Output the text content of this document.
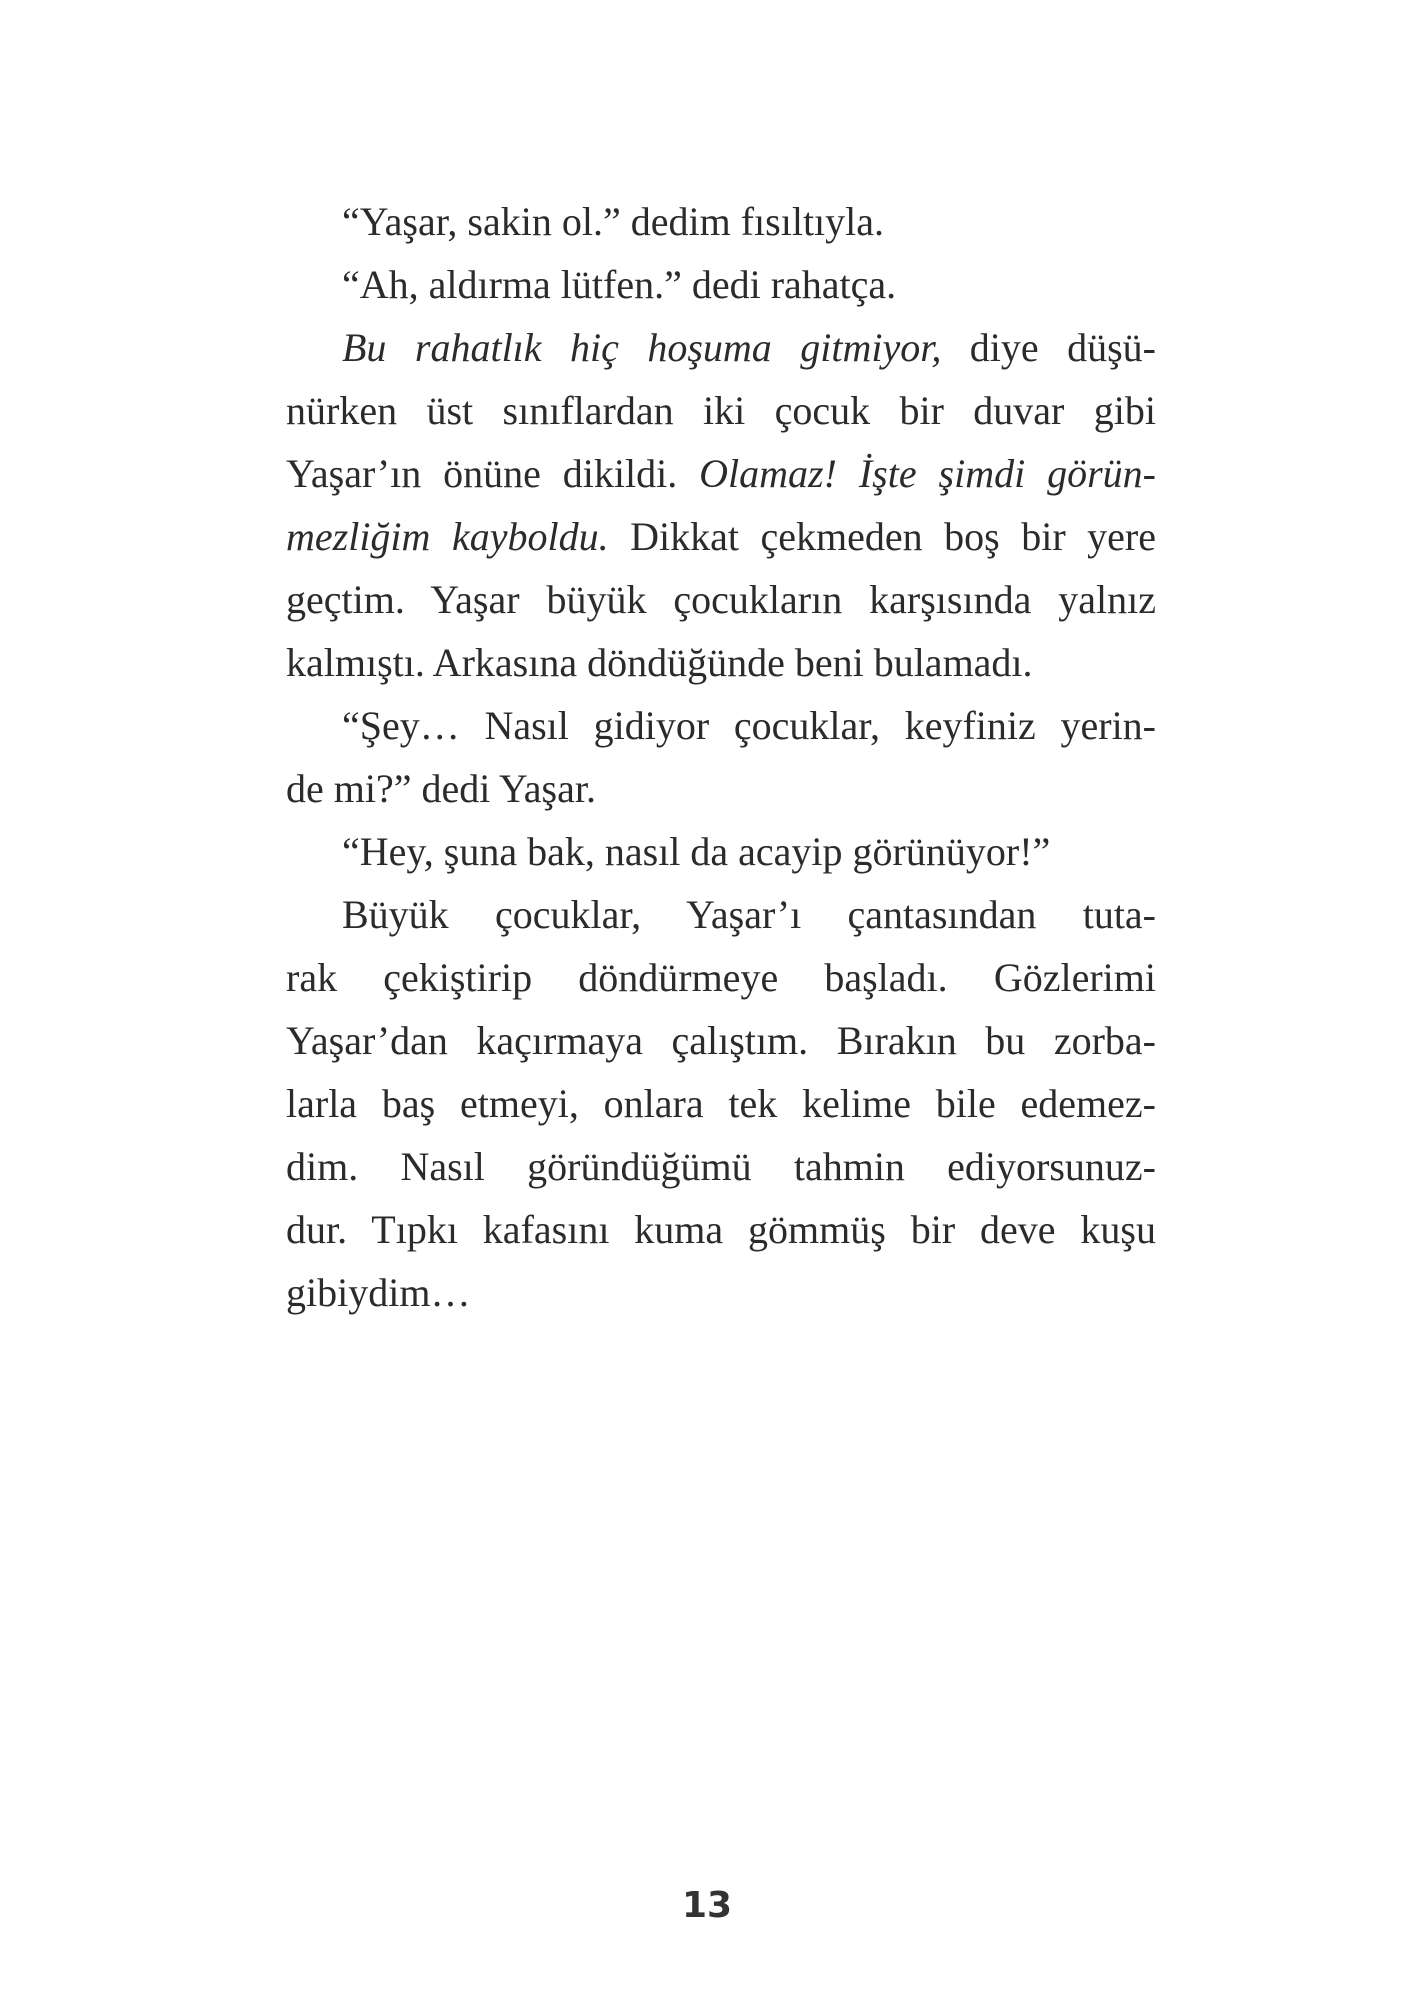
“Yaşar, sakin ol.” dedim fısıltıyla.
“Ah, aldırma lütfen.” dedi rahatça.
Bu rahatlık hiç hoşuma gitmiyor, diye düşü-
nürken üst sınıflardan iki çocuk bir duvar gibi
Yaşar’ın önüne dikildi. Olamaz! İşte şimdi görün-
mezliğim kayboldu. Dikkat çekmeden boş bir yere
geçtim. Yaşar büyük çocukların karşısında yalnız
kalmıştı. Arkasına döndüğünde beni bulamadı.
“Şey… Nasıl gidiyor çocuklar, keyfiniz yerin-
de mi?” dedi Yaşar.
“Hey, şuna bak, nasıl da acayip görünüyor!”
Büyük çocuklar, Yaşar’ı çantasından tuta-
rak çekiştirip döndürmeye başladı. Gözlerimi
Yaşar’dan kaçırmaya çalıştım. Bırakın bu zorba-
larla baş etmeyi, onlara tek kelime bile edemez-
dim. Nasıl göründüğümü tahmin ediyorsunuz-
dur. Tıpkı kafasını kuma gömmüş bir deve kuşu
gibiydim…
13
